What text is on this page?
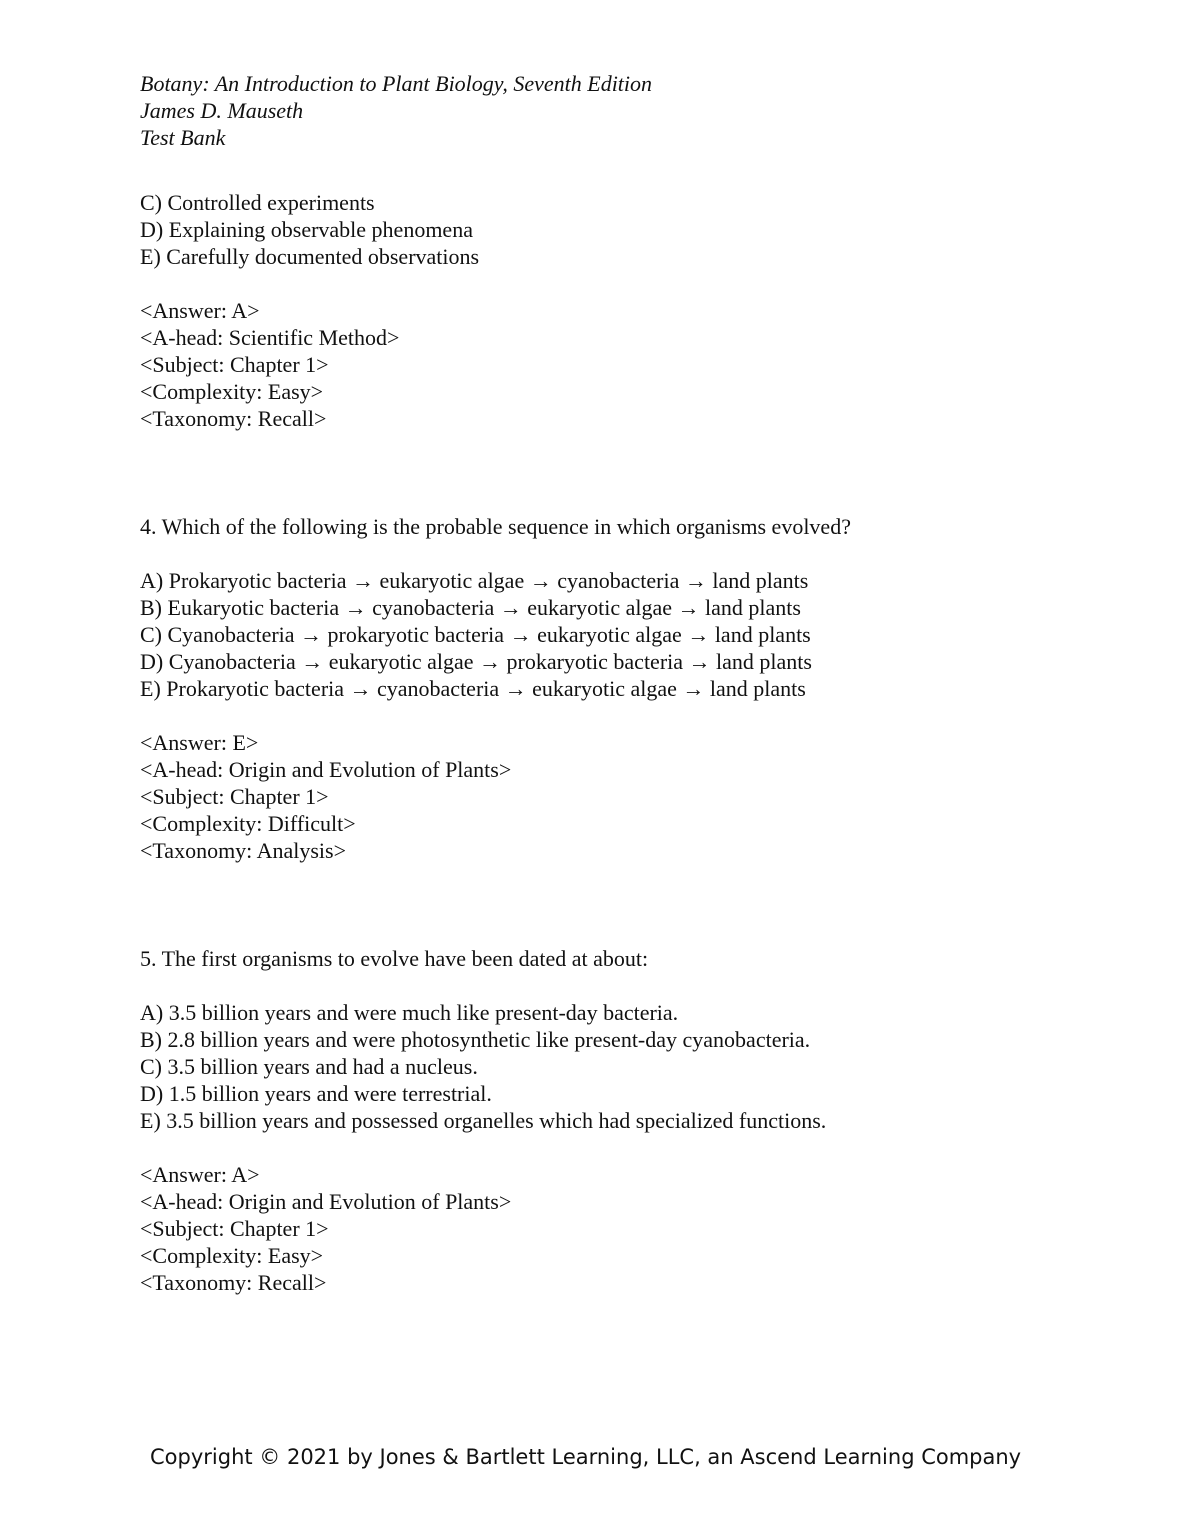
Botany: An Introduction to Plant Biology, Seventh Edition
James D. Mauseth
Test Bank
C) Controlled experiments
D) Explaining observable phenomena
E) Carefully documented observations
<Answer: A>
<A-head: Scientific Method>
<Subject: Chapter 1>
<Complexity: Easy>
<Taxonomy: Recall>
4. Which of the following is the probable sequence in which organisms evolved?
A) Prokaryotic bacteria → eukaryotic algae → cyanobacteria → land plants
B) Eukaryotic bacteria → cyanobacteria → eukaryotic algae → land plants
C) Cyanobacteria → prokaryotic bacteria → eukaryotic algae → land plants
D) Cyanobacteria → eukaryotic algae → prokaryotic bacteria → land plants
E) Prokaryotic bacteria → cyanobacteria → eukaryotic algae → land plants
<Answer: E>
<A-head: Origin and Evolution of Plants>
<Subject: Chapter 1>
<Complexity: Difficult>
<Taxonomy: Analysis>
5. The first organisms to evolve have been dated at about:
A) 3.5 billion years and were much like present-day bacteria.
B) 2.8 billion years and were photosynthetic like present-day cyanobacteria.
C) 3.5 billion years and had a nucleus.
D) 1.5 billion years and were terrestrial.
E) 3.5 billion years and possessed organelles which had specialized functions.
<Answer: A>
<A-head: Origin and Evolution of Plants>
<Subject: Chapter 1>
<Complexity: Easy>
<Taxonomy: Recall>
Copyright © 2021 by Jones & Bartlett Learning, LLC, an Ascend Learning Company
